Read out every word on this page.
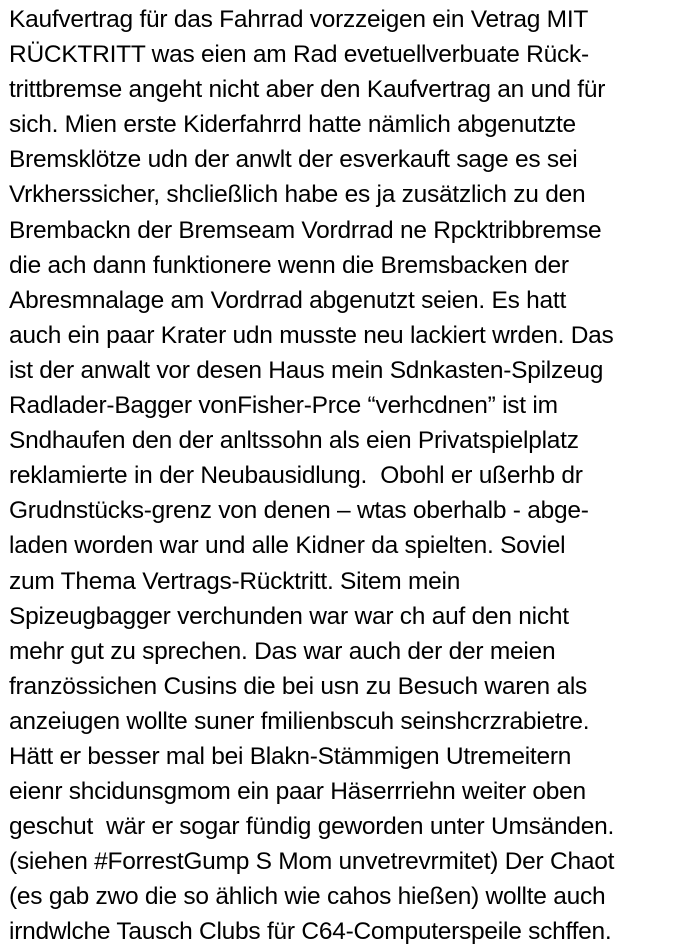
Kaufvertrag für das Fahrrad vorzzeigen ein Vetrag MIT
RÜCKTRITT was eien am Rad evetuellverbuate Rück-
trittbremse angeht nicht aber den Kaufvertrag an und für
sich. Mien erste Kiderfahrrd hatte nämlich abgenutzte
Bremsklötze udn der anwlt der esverkauft sage es sei
Vrkherssicher, shcließlich habe es ja zusätzlich zu den
Brembackn der Bremseam Vordrrad ne Rpcktribbremse
die ach dann funktionere wenn die Bremsbacken der
Abresmnalage am Vordrrad abgenutzt seien. Es hatt
auch ein paar Krater udn musste neu lackiert wrden. Das
ist der anwalt vor desen Haus mein Sdnkasten-Spilzeug
Radlader-Bagger vonFisher-Prce “verhcdnen” ist im
Sndhaufen den der anltssohn als eien Privatspielplatz
reklamierte in der Neubausidlung.  Obohl er ußerhb dr
Grudnstücks-grenz von denen – wtas oberhalb - abge-
laden worden war und alle Kidner da spielten. Soviel
zum Thema Vertrags-Rücktritt. Sitem mein
Spizeugbagger verchunden war war ch auf den nicht
mehr gut zu sprechen. Das war auch der der meien
französsichen Cusins die bei usn zu Besuch waren als
anzeiugen wollte suner fmilienbscuh seinshcrzrabietre.
Hätt er besser mal bei Blakn-Stämmigen Utremeitern
eienr shcidunsgmom ein paar Häserrriehn weiter oben
geschut  wär er sogar fündig geworden unter Umsänden.
(siehen #ForrestGump S Mom unvetrevrmitet) Der Chaot
(es gab zwo die so ählich wie cahos hießen) wollte auch
irndwlche Tausch Clubs für C64-Computerspeile schffen.
